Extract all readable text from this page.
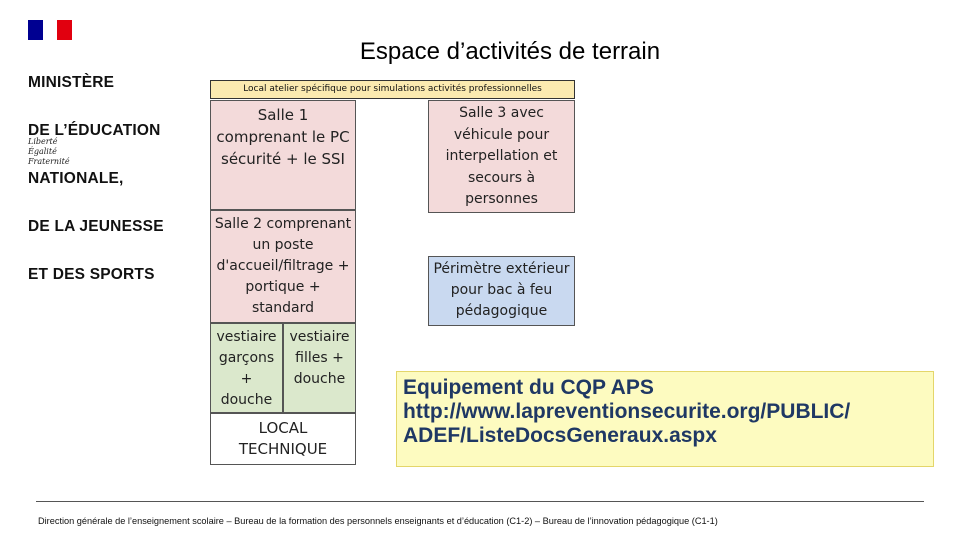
MINISTÈRE

DE L’ÉDUCATION

NATIONALE,

DE LA JEUNESSE

ET DES SPORTS

Liberté
Égalité
Fraternité
Espace d’activités de terrain
Local atelier spécifique pour simulations activités professionnelles
Salle 1
comprenant le PC
sécurité + le SSI
Salle 2 comprenant
un poste
d'accueil/filtrage +
portique +
standard
vestiaire
garçons +
douche
vestiaire
filles +
douche
LOCAL
TECHNIQUE
Salle 3 avec
véhicule pour
interpellation et
secours à
personnes
Périmètre extérieur
pour bac à feu
pédagogique
Equipement du CQP APS
http://www.lapreventionsecurite.org/PUBLIC/
ADEF/ListeDocsGeneraux.aspx
Direction générale de l’enseignement scolaire – Bureau de la formation des personnels enseignants et d’éducation (C1-2) – Bureau de l’innovation pédagogique (C1-1)
